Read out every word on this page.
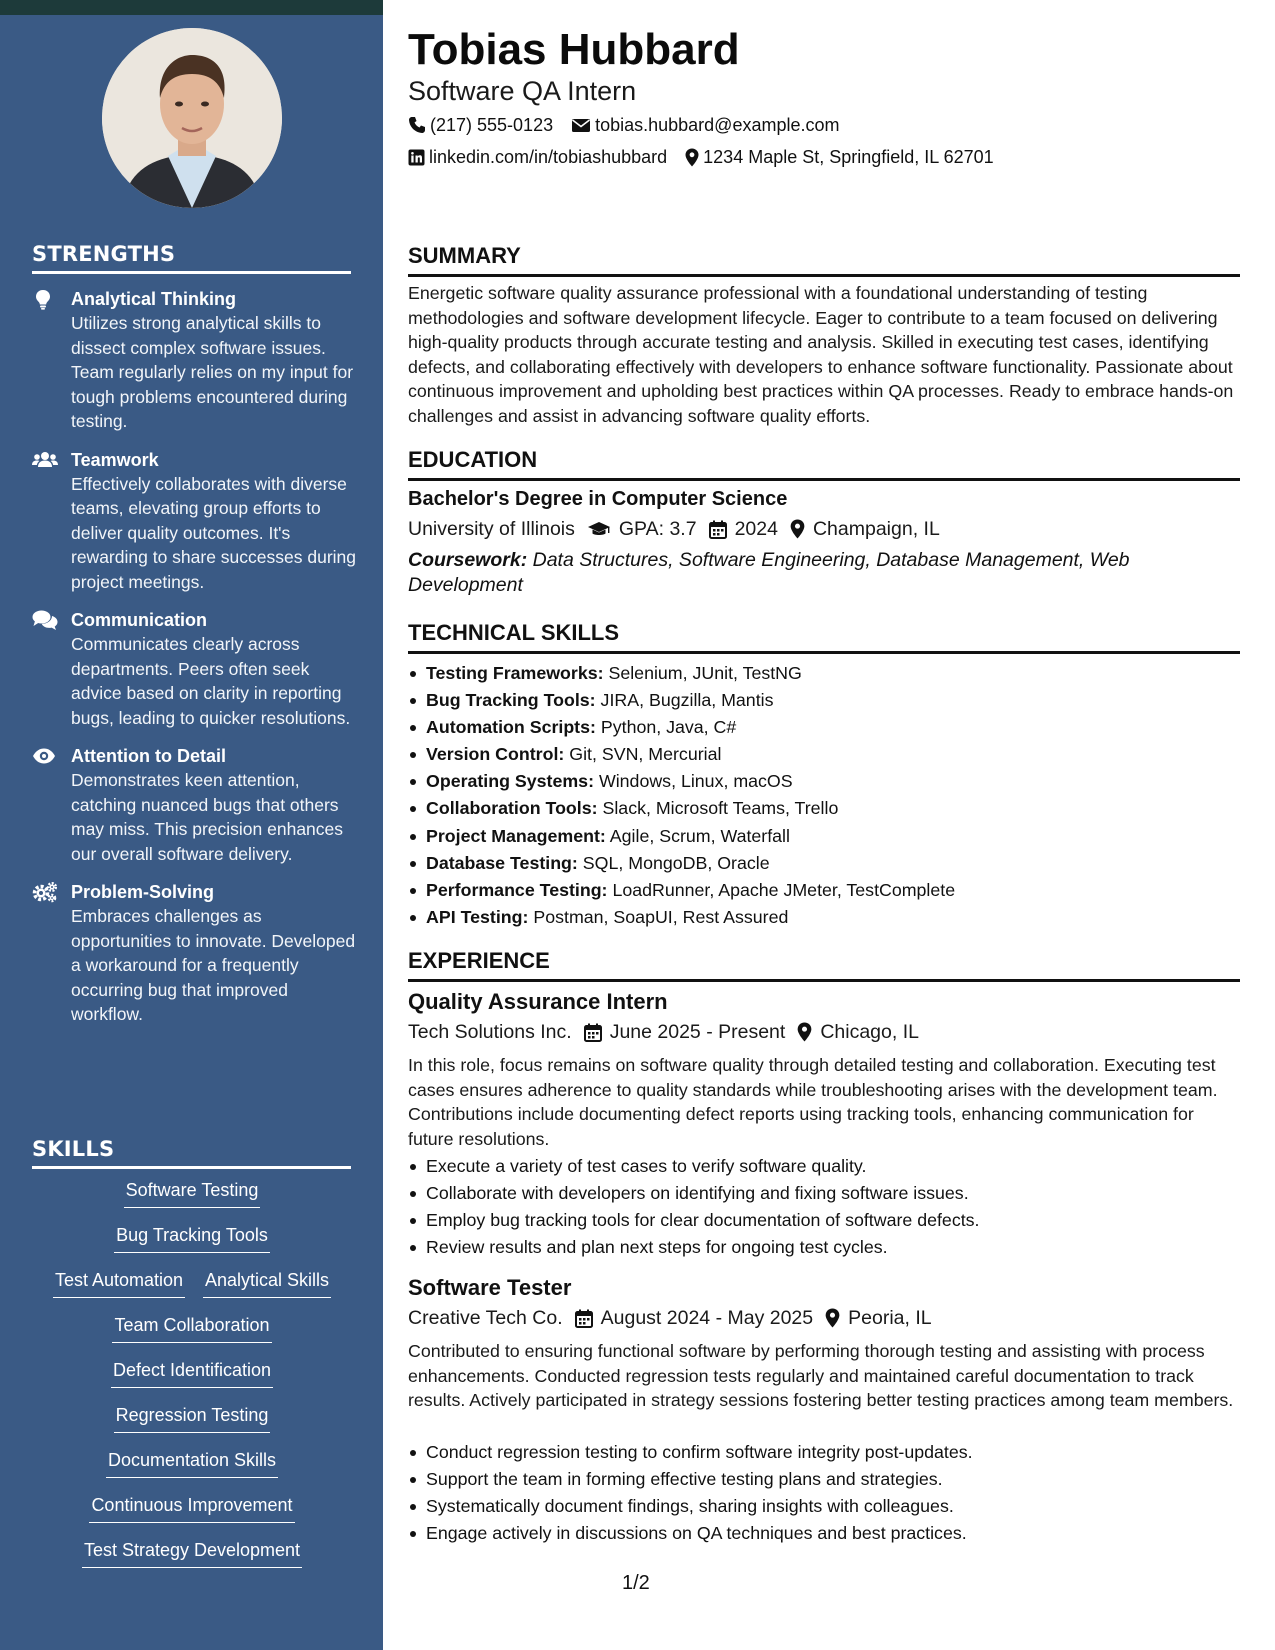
STRENGTHS
Analytical Thinking
Utilizes strong analytical skills to dissect complex software issues. Team regularly relies on my input for tough problems encountered during testing.
Teamwork
Effectively collaborates with diverse teams, elevating group efforts to deliver quality outcomes. It's rewarding to share successes during project meetings.
Communication
Communicates clearly across departments. Peers often seek advice based on clarity in reporting bugs, leading to quicker resolutions.
Attention to Detail
Demonstrates keen attention, catching nuanced bugs that others may miss. This precision enhances our overall software delivery.
Problem-Solving
Embraces challenges as opportunities to innovate. Developed a workaround for a frequently occurring bug that improved workflow.
SKILLS
Software Testing
Bug Tracking Tools
Test Automation Analytical Skills
Team Collaboration
Defect Identification
Regression Testing
Documentation Skills
Continuous Improvement
Test Strategy Development
Tobias Hubbard
Software QA Intern
(217) 555-0123 tobias.hubbard@example.com
linkedin.com/in/tobiashubbard 1234 Maple St, Springfield, IL 62701
SUMMARY
Energetic software quality assurance professional with a foundational understanding of testing methodologies and software development lifecycle. Eager to contribute to a team focused on delivering high-quality products through accurate testing and analysis. Skilled in executing test cases, identifying defects, and collaborating effectively with developers to enhance software functionality. Passionate about continuous improvement and upholding best practices within QA processes. Ready to embrace hands-on challenges and assist in advancing software quality efforts.
EDUCATION
Bachelor's Degree in Computer Science
University of Illinois GPA: 3.7 2024 Champaign, IL
Coursework: Data Structures, Software Engineering, Database Management, Web Development
TECHNICAL SKILLS
Testing Frameworks: Selenium, JUnit, TestNG
Bug Tracking Tools: JIRA, Bugzilla, Mantis
Automation Scripts: Python, Java, C#
Version Control: Git, SVN, Mercurial
Operating Systems: Windows, Linux, macOS
Collaboration Tools: Slack, Microsoft Teams, Trello
Project Management: Agile, Scrum, Waterfall
Database Testing: SQL, MongoDB, Oracle
Performance Testing: LoadRunner, Apache JMeter, TestComplete
API Testing: Postman, SoapUI, Rest Assured
EXPERIENCE
Quality Assurance Intern
Tech Solutions Inc. June 2025 - Present Chicago, IL
In this role, focus remains on software quality through detailed testing and collaboration. Executing test cases ensures adherence to quality standards while troubleshooting arises with the development team. Contributions include documenting defect reports using tracking tools, enhancing communication for future resolutions.
Execute a variety of test cases to verify software quality.
Collaborate with developers on identifying and fixing software issues.
Employ bug tracking tools for clear documentation of software defects.
Review results and plan next steps for ongoing test cycles.
Software Tester
Creative Tech Co. August 2024 - May 2025 Peoria, IL
Contributed to ensuring functional software by performing thorough testing and assisting with process enhancements. Conducted regression tests regularly and maintained careful documentation to track results. Actively participated in strategy sessions fostering better testing practices among team members.
Conduct regression testing to confirm software integrity post-updates.
Support the team in forming effective testing plans and strategies.
Systematically document findings, sharing insights with colleagues.
Engage actively in discussions on QA techniques and best practices.
1/2
